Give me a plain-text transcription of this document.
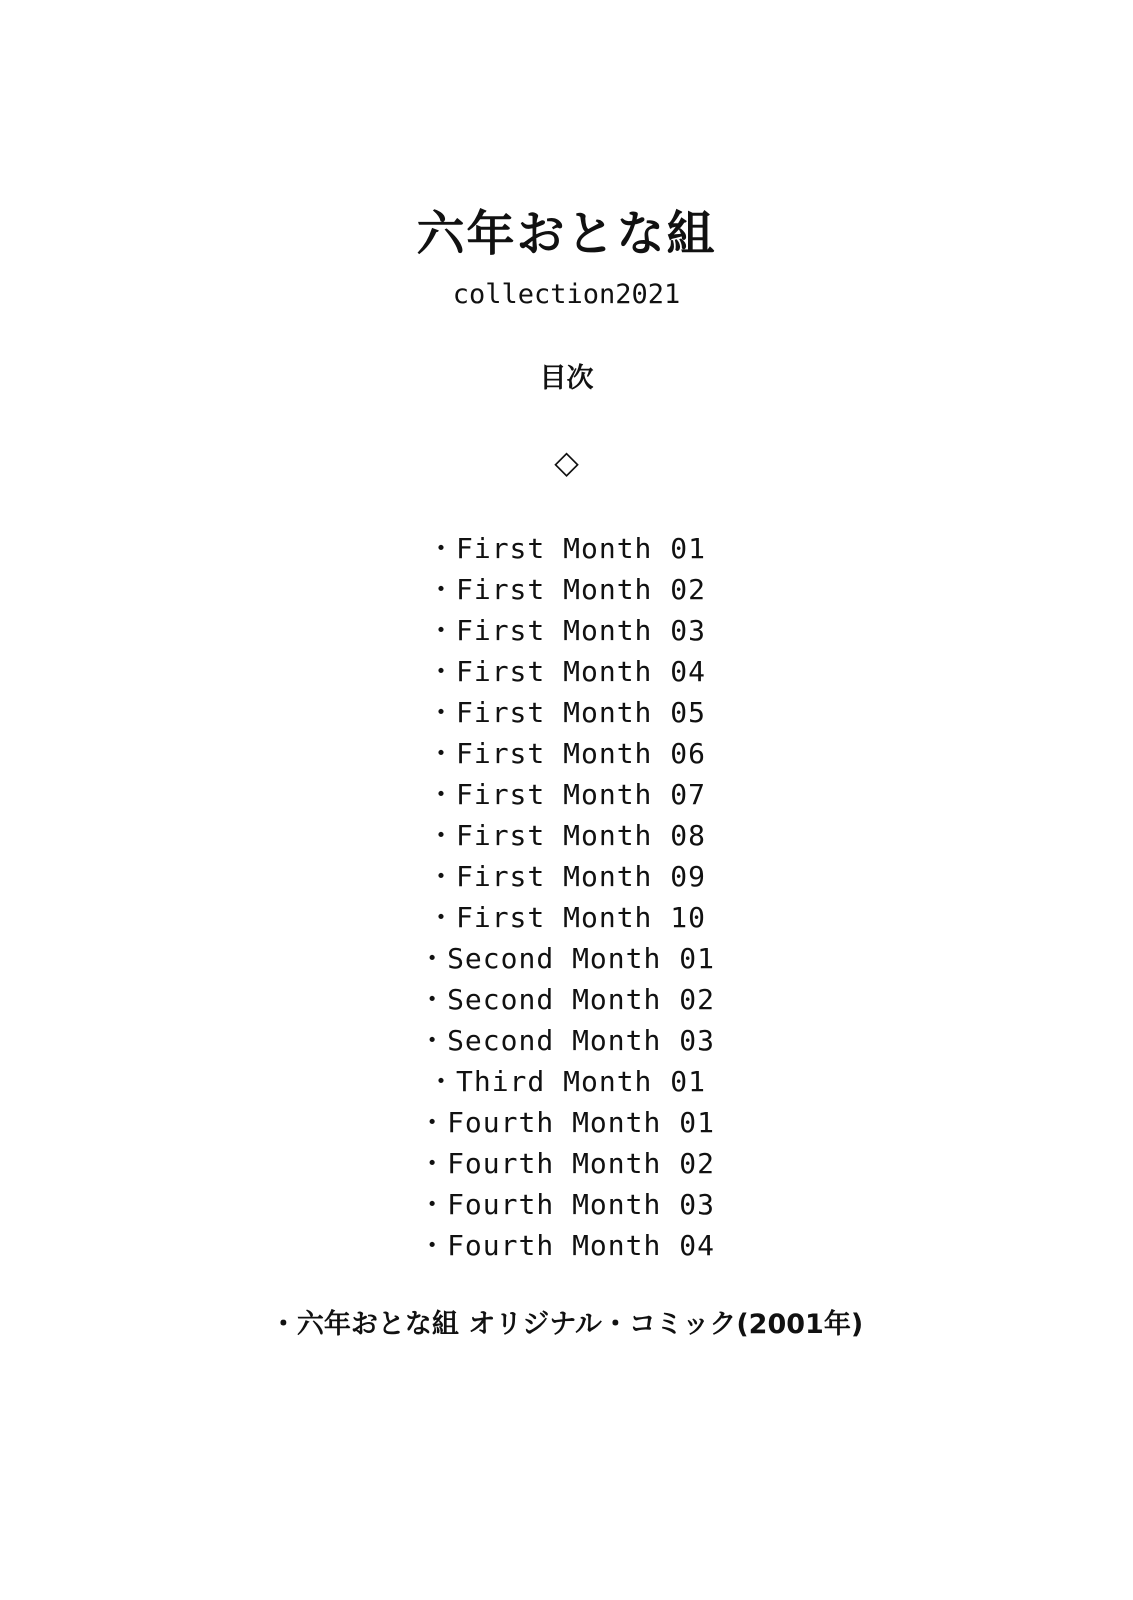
六年おとな組
collection2021
目次
◇
・First Month 01
・First Month 02
・First Month 03
・First Month 04
・First Month 05
・First Month 06
・First Month 07
・First Month 08
・First Month 09
・First Month 10
・Second Month 01
・Second Month 02
・Second Month 03
・Third Month 01
・Fourth Month 01
・Fourth Month 02
・Fourth Month 03
・Fourth Month 04
・六年おとな組 オリジナル・コミック(2001年)
